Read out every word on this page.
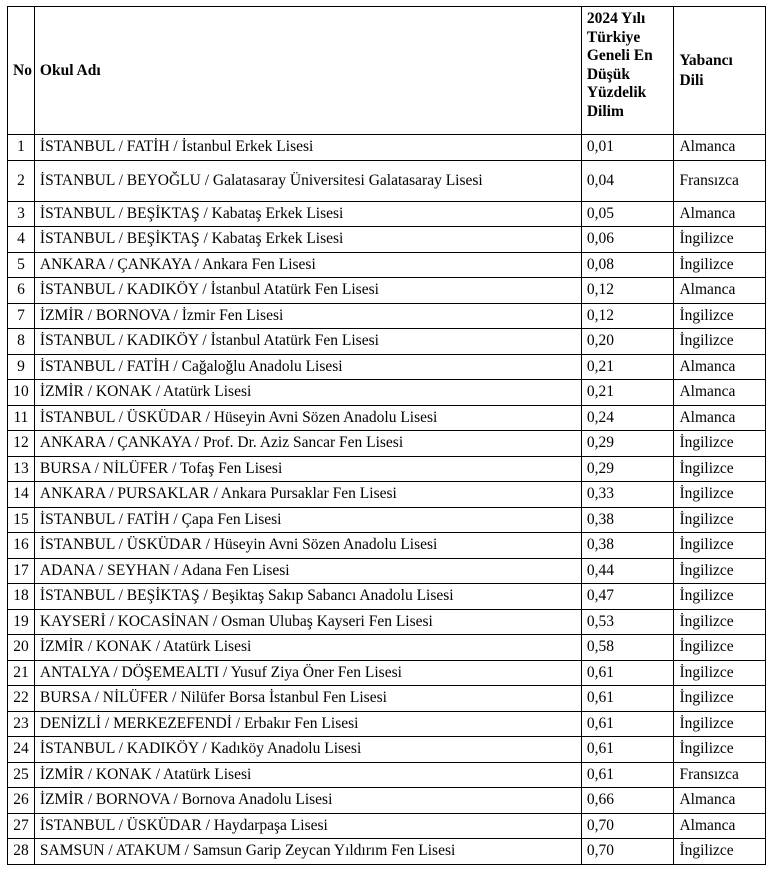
No	Okul Adı	2024 Yılı Türkiye Geneli En Düşük Yüzdelik Dilim	Yabancı Dili
1	İSTANBUL / FATİH / İstanbul Erkek Lisesi	0,01	Almanca
2	İSTANBUL / BEYOĞLU / Galatasaray Üniversitesi Galatasaray Lisesi	0,04	Fransızca
3	İSTANBUL / BEŞİKTAŞ / Kabataş Erkek Lisesi	0,05	Almanca
4	İSTANBUL / BEŞİKTAŞ / Kabataş Erkek Lisesi	0,06	İngilizce
5	ANKARA / ÇANKAYA / Ankara Fen Lisesi	0,08	İngilizce
6	İSTANBUL / KADIKÖY / İstanbul Atatürk Fen Lisesi	0,12	Almanca
7	İZMİR / BORNOVA / İzmir Fen Lisesi	0,12	İngilizce
8	İSTANBUL / KADIKÖY / İstanbul Atatürk Fen Lisesi	0,20	İngilizce
9	İSTANBUL / FATİH / Cağaloğlu Anadolu Lisesi	0,21	Almanca
10	İZMİR / KONAK / Atatürk Lisesi	0,21	Almanca
11	İSTANBUL / ÜSKÜDAR / Hüseyin Avni Sözen Anadolu Lisesi	0,24	Almanca
12	ANKARA / ÇANKAYA / Prof. Dr. Aziz Sancar Fen Lisesi	0,29	İngilizce
13	BURSA / NİLÜFER / Tofaş Fen Lisesi	0,29	İngilizce
14	ANKARA / PURSAKLAR / Ankara Pursaklar Fen Lisesi	0,33	İngilizce
15	İSTANBUL / FATİH / Çapa Fen Lisesi	0,38	İngilizce
16	İSTANBUL / ÜSKÜDAR / Hüseyin Avni Sözen Anadolu Lisesi	0,38	İngilizce
17	ADANA / SEYHAN / Adana Fen Lisesi	0,44	İngilizce
18	İSTANBUL / BEŞİKTAŞ / Beşiktaş Sakıp Sabancı Anadolu Lisesi	0,47	İngilizce
19	KAYSERİ / KOCASİNAN / Osman Ulubaş Kayseri Fen Lisesi	0,53	İngilizce
20	İZMİR / KONAK / Atatürk Lisesi	0,58	İngilizce
21	ANTALYA / DÖŞEMEALTI / Yusuf Ziya Öner Fen Lisesi	0,61	İngilizce
22	BURSA / NİLÜFER / Nilüfer Borsa İstanbul Fen Lisesi	0,61	İngilizce
23	DENİZLİ / MERKEZEFENDİ / Erbakır Fen Lisesi	0,61	İngilizce
24	İSTANBUL / KADIKÖY / Kadıköy Anadolu Lisesi	0,61	İngilizce
25	İZMİR / KONAK / Atatürk Lisesi	0,61	Fransızca
26	İZMİR / BORNOVA / Bornova Anadolu Lisesi	0,66	Almanca
27	İSTANBUL / ÜSKÜDAR / Haydarpaşa Lisesi	0,70	Almanca
28	SAMSUN / ATAKUM / Samsun Garip Zeycan Yıldırım Fen Lisesi	0,70	İngilizce
